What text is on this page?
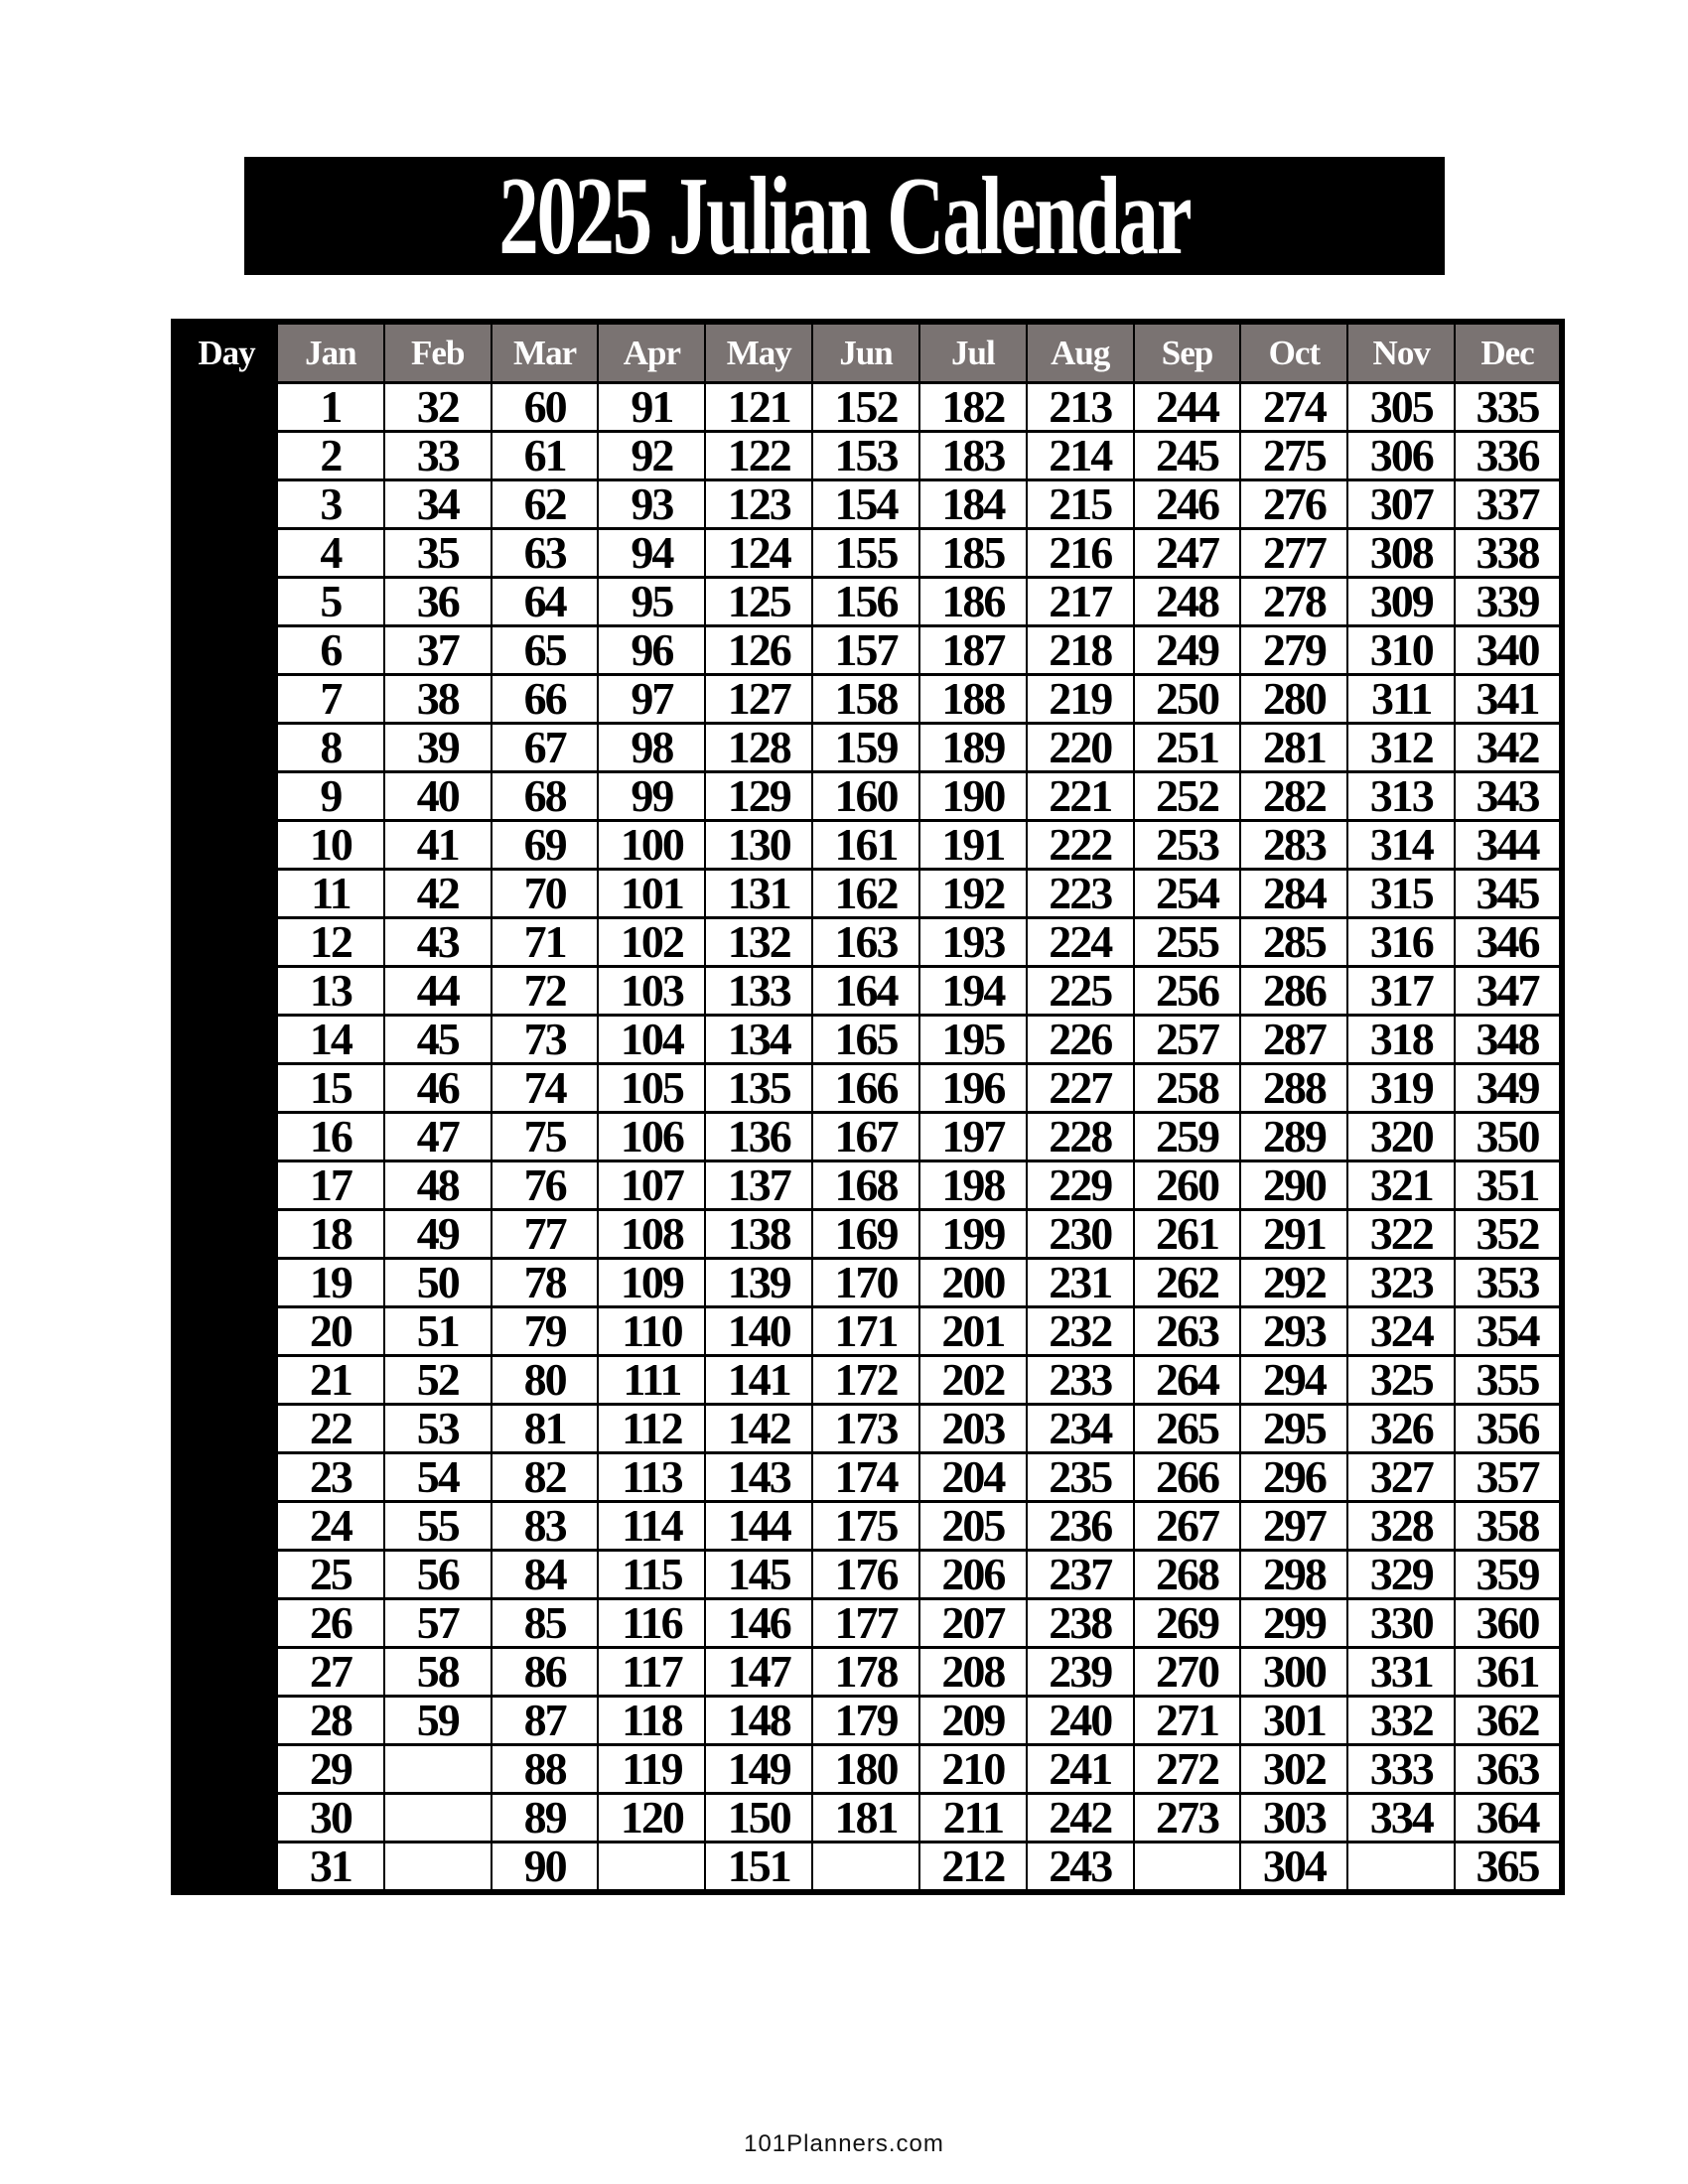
2025 Julian Calendar
Day	Jan	Feb	Mar	Apr	May	Jun	Jul	Aug	Sep	Oct	Nov	Dec
1	1	32	60	91	121	152	182	213	244	274	305	335
2	2	33	61	92	122	153	183	214	245	275	306	336
3	3	34	62	93	123	154	184	215	246	276	307	337
4	4	35	63	94	124	155	185	216	247	277	308	338
5	5	36	64	95	125	156	186	217	248	278	309	339
6	6	37	65	96	126	157	187	218	249	279	310	340
7	7	38	66	97	127	158	188	219	250	280	311	341
8	8	39	67	98	128	159	189	220	251	281	312	342
9	9	40	68	99	129	160	190	221	252	282	313	343
10	10	41	69	100	130	161	191	222	253	283	314	344
11	11	42	70	101	131	162	192	223	254	284	315	345
12	12	43	71	102	132	163	193	224	255	285	316	346
13	13	44	72	103	133	164	194	225	256	286	317	347
14	14	45	73	104	134	165	195	226	257	287	318	348
15	15	46	74	105	135	166	196	227	258	288	319	349
16	16	47	75	106	136	167	197	228	259	289	320	350
17	17	48	76	107	137	168	198	229	260	290	321	351
18	18	49	77	108	138	169	199	230	261	291	322	352
19	19	50	78	109	139	170	200	231	262	292	323	353
20	20	51	79	110	140	171	201	232	263	293	324	354
21	21	52	80	111	141	172	202	233	264	294	325	355
22	22	53	81	112	142	173	203	234	265	295	326	356
23	23	54	82	113	143	174	204	235	266	296	327	357
24	24	55	83	114	144	175	205	236	267	297	328	358
25	25	56	84	115	145	176	206	237	268	298	329	359
26	26	57	85	116	146	177	207	238	269	299	330	360
27	27	58	86	117	147	178	208	239	270	300	331	361
28	28	59	87	118	148	179	209	240	271	301	332	362
29	29		88	119	149	180	210	241	272	302	333	363
30	30		89	120	150	181	211	242	273	303	334	364
31	31		90		151		212	243		304		365
101Planners.com
